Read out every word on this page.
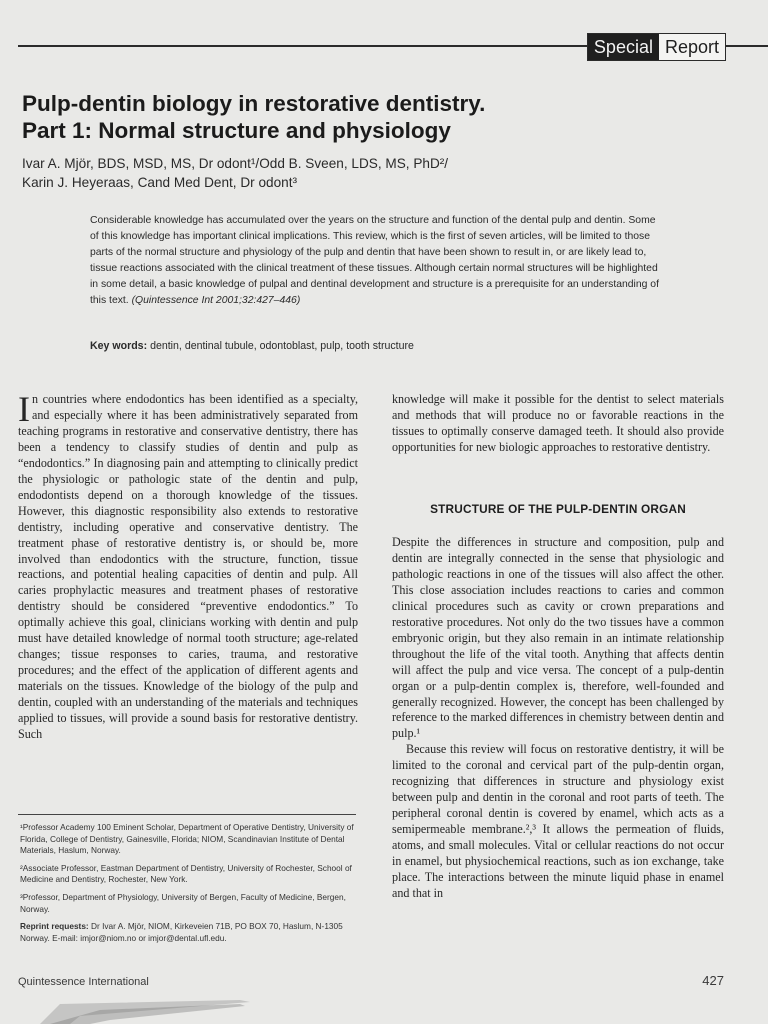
Special Report
Pulp-dentin biology in restorative dentistry.
Part 1: Normal structure and physiology
Ivar A. Mjör, BDS, MSD, MS, Dr odont¹/Odd B. Sveen, LDS, MS, PhD²/
Karin J. Heyeraas, Cand Med Dent, Dr odont³
Considerable knowledge has accumulated over the years on the structure and function of the dental pulp and dentin. Some of this knowledge has important clinical implications. This review, which is the first of seven articles, will be limited to those parts of the normal structure and physiology of the pulp and dentin that have been shown to result in, or are likely lead to, tissue reactions associated with the clinical treatment of these tissues. Although certain normal structures will be highlighted in some detail, a basic knowledge of pulpal and dentinal development and structure is a prerequisite for an understanding of this text. (Quintessence Int 2001;32:427–446)
Key words: dentin, dentinal tubule, odontoblast, pulp, tooth structure

In countries where endodontics has been identified as a specialty, and especially where it has been administratively separated from teaching programs in restorative and conservative dentistry, there has been a tendency to classify studies of dentin and pulp as “endodontics.” In diagnosing pain and attempting to clinically predict the physiologic or pathologic state of the dentin and pulp, endodontists depend on a thorough knowledge of the tissues. However, this diagnostic responsibility also extends to restorative dentistry, including operative and conservative dentistry. The treatment phase of restorative dentistry is, or should be, more involved than endodontics with the structure, function, tissue reactions, and potential healing capacities of dentin and pulp. All caries prophylactic measures and treatment phases of restorative dentistry should be considered “preventive endodontics.” To optimally achieve this goal, clinicians working with dentin and pulp must have detailed knowledge of normal tooth structure; age-related changes; tissue responses to caries, trauma, and restorative procedures; and the effect of the application of different agents and materials on the tissues. Knowledge of the biology of the pulp and dentin, coupled with an understanding of the materials and techniques applied to tissues, will provide a sound basis for restorative dentistry. Such

knowledge will make it possible for the dentist to select materials and methods that will produce no or favorable reactions in the tissues to optimally conserve damaged teeth. It should also provide opportunities for new biologic approaches to restorative dentistry.

STRUCTURE OF THE PULP-DENTIN ORGAN

Despite the differences in structure and composition, pulp and dentin are integrally connected in the sense that physiologic and pathologic reactions in one of the tissues will also affect the other. This close association includes reactions to caries and common clinical procedures such as cavity or crown preparations and restorative procedures. Not only do the two tissues have a common embryonic origin, but they also remain in an intimate relationship throughout the life of the vital tooth. Anything that affects dentin will affect the pulp and vice versa. The concept of a pulp-dentin organ or a pulp-dentin complex is, therefore, well-founded and generally recognized. However, the concept has been challenged by reference to the marked differences in chemistry between dentin and pulp.¹

Because this review will focus on restorative dentistry, it will be limited to the coronal and cervical part of the pulp-dentin organ, recognizing that differences in structure and physiology exist between pulp and dentin in the coronal and root parts of teeth. The peripheral coronal dentin is covered by enamel, which acts as a semipermeable membrane.²,³ It allows the permeation of fluids, atoms, and small molecules. Vital or cellular reactions do not occur in enamel, but physiochemical reactions, such as ion exchange, take place. The interactions between the minute liquid phase in enamel and that in

¹Professor Academy 100 Eminent Scholar, Department of Operative Dentistry, University of Florida, College of Dentistry, Gainesville, Florida; NIOM, Scandinavian Institute of Dental Materials, Haslum, Norway.

²Associate Professor, Eastman Department of Dentistry, University of Rochester, School of Medicine and Dentistry, Rochester, New York.

³Professor, Department of Physiology, University of Bergen, Faculty of Medicine, Bergen, Norway.

Reprint requests: Dr Ivar A. Mjör, NIOM, Kirkeveien 71B, PO BOX 70, Haslum, N-1305 Norway. E-mail: imjor@niom.no or imjor@dental.ufl.edu.

Quintessence International	427
